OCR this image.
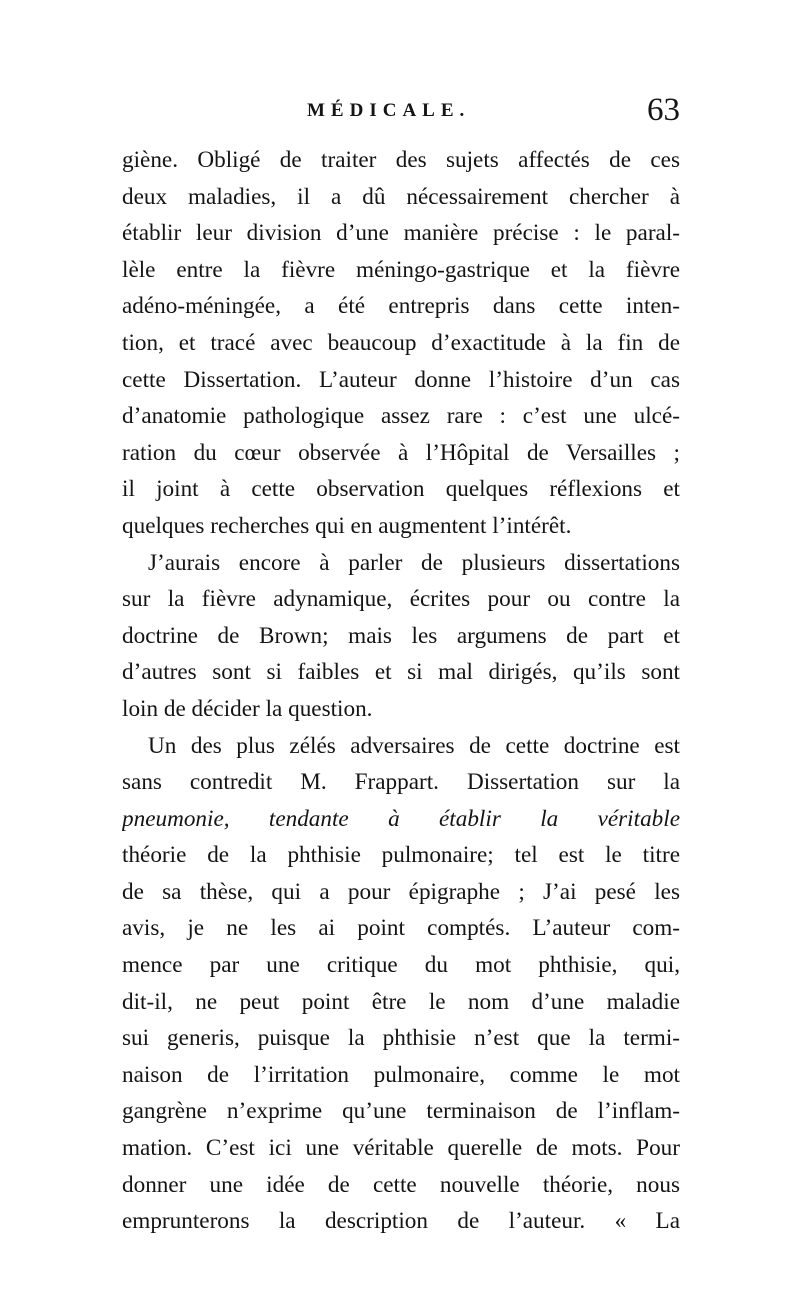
MÉDICALE.	63
giène. Obligé de traiter des sujets affectés de ces
deux maladies, il a dû nécessairement chercher à
établir leur division d’une manière précise : le paral-
lèle entre la fièvre méningo-gastrique et la fièvre
adéno-méningée, a été entrepris dans cette inten-
tion, et tracé avec beaucoup d’exactitude à la fin de
cette Dissertation. L’auteur donne l’histoire d’un cas
d’anatomie pathologique assez rare : c’est une ulcé-
ration du cœur observée à l’Hôpital de Versailles ;
il joint à cette observation quelques réflexions et
quelques recherches qui en augmentent l’intérêt.
J’aurais encore à parler de plusieurs dissertations
sur la fièvre adynamique, écrites pour ou contre la
doctrine de Brown; mais les argumens de part et
d’autres sont si faibles et si mal dirigés, qu’ils sont
loin de décider la question.
Un des plus zélés adversaires de cette doctrine est
sans contredit M. Frappart. Dissertation sur la
pneumonie, tendante à établir la véritable
théorie de la phthisie pulmonaire; tel est le titre
de sa thèse, qui a pour épigraphe ; J’ai pesé les
avis, je ne les ai point comptés. L’auteur com-
mence par une critique du mot phthisie, qui,
dit-il, ne peut point être le nom d’une maladie
sui generis, puisque la phthisie n’est que la termi-
naison de l’irritation pulmonaire, comme le mot
gangrène n’exprime qu’une terminaison de l’inflam-
mation. C’est ici une véritable querelle de mots. Pour
donner une idée de cette nouvelle théorie, nous
emprunterons la description de l’auteur. « La
